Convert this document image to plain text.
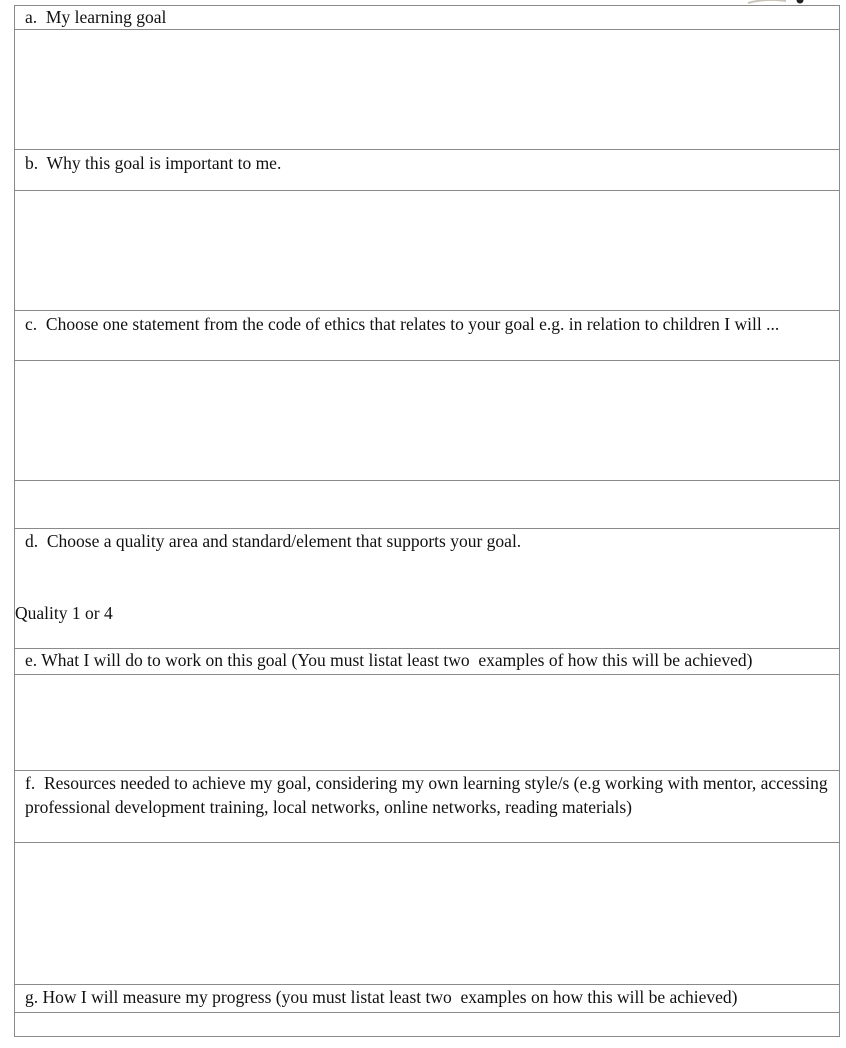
a.  My learning goal
b.  Why this goal is important to me.
c.  Choose one statement from the code of ethics that relates to your goal e.g. in relation to children I will ...

d.  Choose a quality area and standard/element that supports your goal.

Quality 1 or 4

e. What I will do to work on this goal (You must listat least two  examples of how this will be achieved)
f.  Resources needed to achieve my goal, considering my own learning style/s (e.g working with mentor, accessing professional development training, local networks, online networks, reading materials)
g. How I will measure my progress (you must listat least two  examples on how this will be achieved)
